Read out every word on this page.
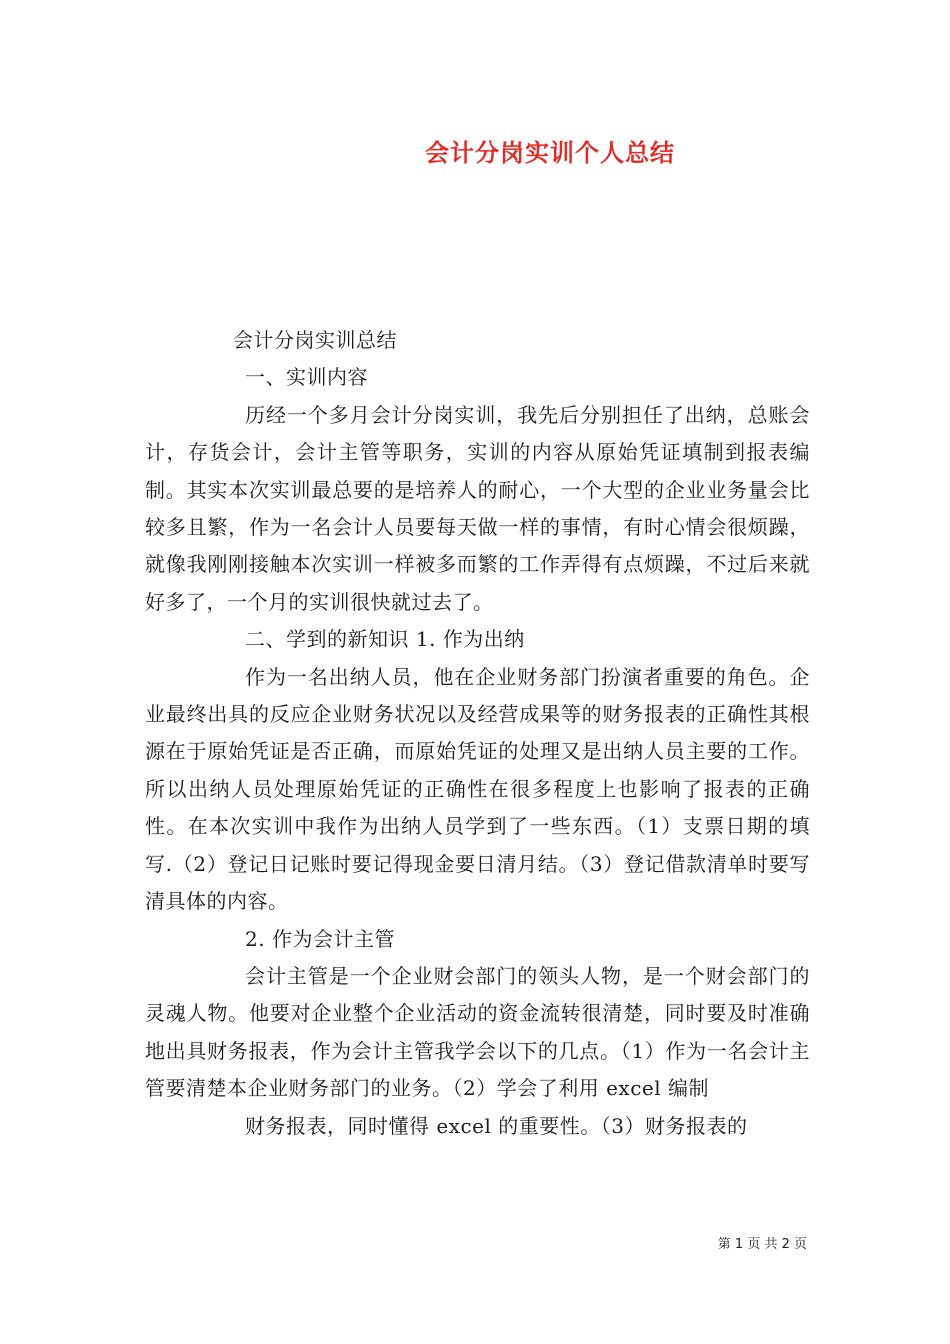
会计分岗实训个人总结

会计分岗实训总结

一、实训内容

历经一个多月会计分岗实训，我先后分别担任了出纳，总账会计，存货会计，会计主管等职务，实训的内容从原始凭证填制到报表编制。其实本次实训最总要的是培养人的耐心，一个大型的企业业务量会比较多且繁，作为一名会计人员要每天做一样的事情，有时心情会很烦躁，就像我刚刚接触本次实训一样被多而繁的工作弄得有点烦躁，不过后来就好多了，一个月的实训很快就过去了。

二、学到的新知识 1. 作为出纳

作为一名出纳人员，他在企业财务部门扮演者重要的角色。企业最终出具的反应企业财务状况以及经营成果等的财务报表的正确性其根源在于原始凭证是否正确，而原始凭证的处理又是出纳人员主要的工作。所以出纳人员处理原始凭证的正确性在很多程度上也影响了报表的正确性。在本次实训中我作为出纳人员学到了一些东西。（1）支票日期的填写.（2）登记日记账时要记得现金要日清月结。（3）登记借款清单时要写清具体的内容。

2. 作为会计主管

会计主管是一个企业财会部门的领头人物，是一个财会部门的灵魂人物。他要对企业整个企业活动的资金流转很清楚，同时要及时准确地出具财务报表，作为会计主管我学会以下的几点。（1）作为一名会计主管要清楚本企业财务部门的业务。（2）学会了利用 excel 编制

财务报表，同时懂得 excel 的重要性。（3）财务报表的

第 1 页 共 2 页
